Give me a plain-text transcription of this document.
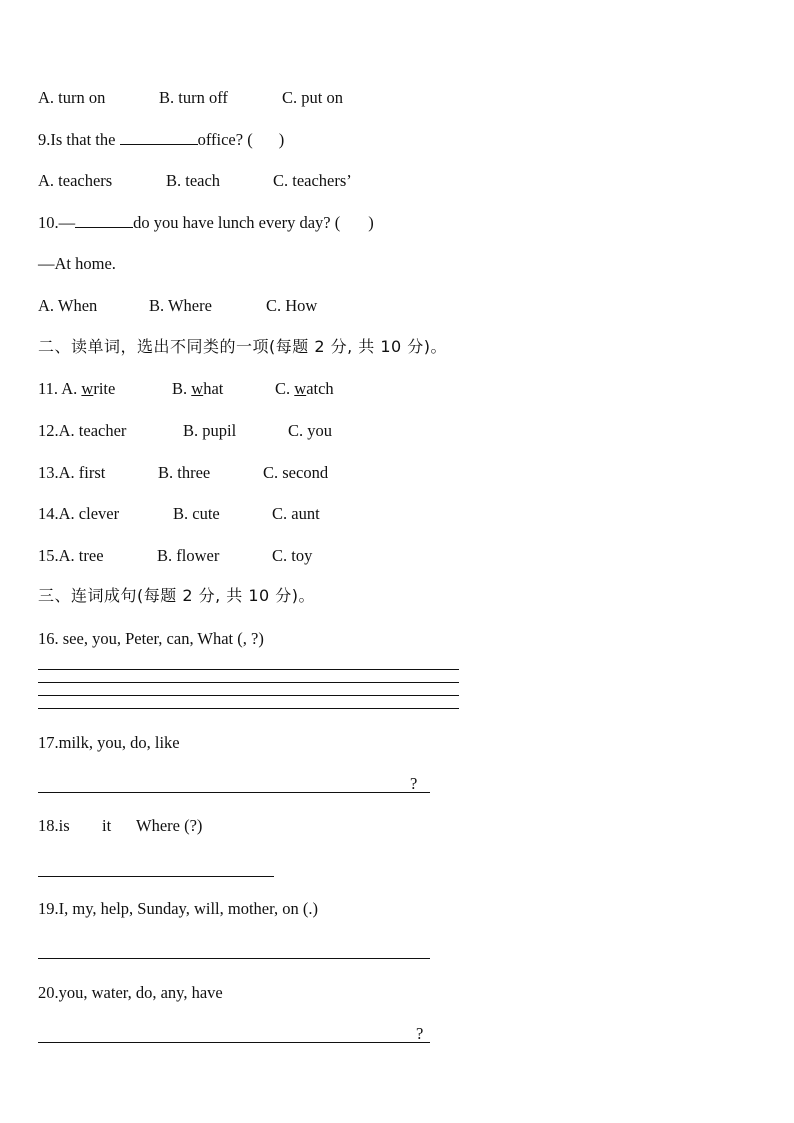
A. turn on	B. turn off	C. put on
9.Is that the	office? ( )
A. teachers	B. teach	C. teachers’
10.—	do you have lunch every day? ( )
—At home.
A. When	B. Where	C. How
二、读单词，选出不同类的一项(每题 2 分, 共 10 分)。
11. A. write	B. what	C. watch
12.A. teacher	B. pupil	C. you
13.A. first	B. three	C. second
14.A. clever	B. cute	C. aunt
15.A. tree	B. flower	C. toy
三、连词成句(每题 2 分, 共 10 分)。
16. see, you, Peter, can, What (, ?)
17.milk, you, do, like
?
18.is it Where (?)
19.I, my, help, Sunday, will, mother, on (.)
20.you, water, do, any, have
?
